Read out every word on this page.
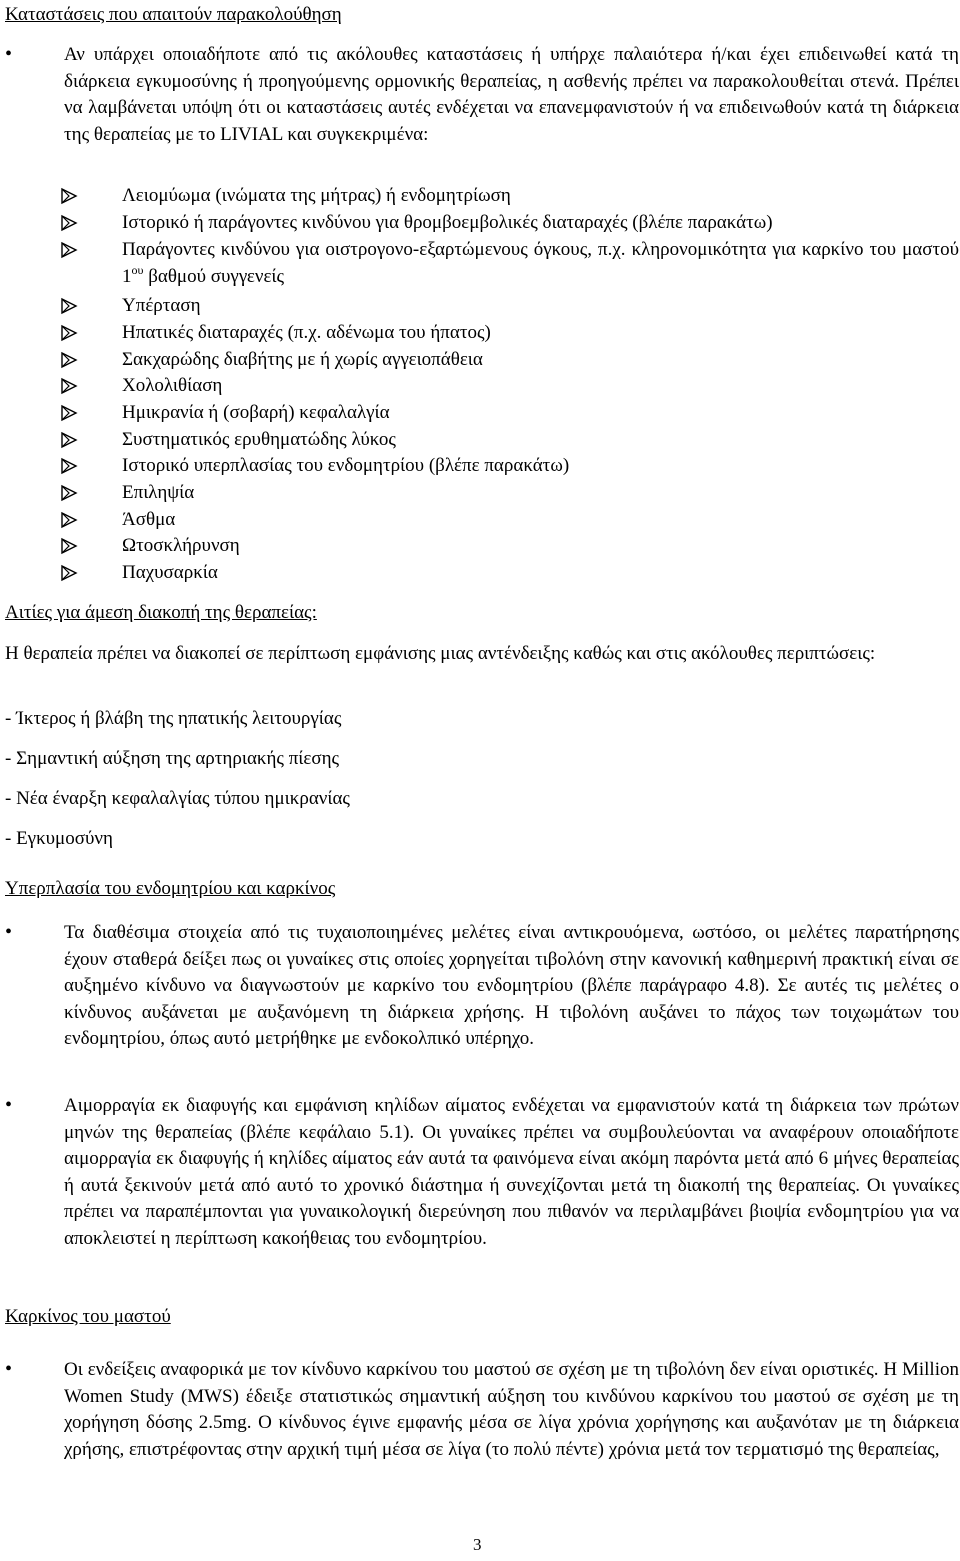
Καταστάσεις που απαιτούν παρακολούθηση
•	Αν υπάρχει οποιαδήποτε από τις ακόλουθες καταστάσεις ή υπήρχε παλαιότερα ή/και έχει επιδεινωθεί κατά τη διάρκεια εγκυμοσύνης ή προηγούμενης ορμονικής θεραπείας, η ασθενής πρέπει να παρακολουθείται στενά. Πρέπει να λαμβάνεται υπόψη ότι οι καταστάσεις αυτές ενδέχεται να επανεμφανιστούν ή να επιδεινωθούν κατά τη διάρκεια της θεραπείας με το LIVIAL και συγκεκριμένα:
Λειομύωμα (ινώματα της μήτρας) ή ενδομητρίωση
Ιστορικό ή παράγοντες κινδύνου για θρομβοεμβολικές διαταραχές (βλέπε παρακάτω)
Παράγοντες κινδύνου για οιστρογονο-εξαρτώμενους όγκους, π.χ. κληρονομικότητα για καρκίνο του μαστού $1^{o\upsilon}$ βαθμού συγγενείς
Υπέρταση
Ηπατικές διαταραχές (π.χ. αδένωμα του ήπατος)
Σακχαρώδης διαβήτης με ή χωρίς αγγειοπάθεια
Χολολιθίαση
Ημικρανία ή (σοβαρή) κεφαλαλγία
Συστηματικός ερυθηματώδης λύκος
Ιστορικό υπερπλασίας του ενδομητρίου (βλέπε παρακάτω)
Επιληψία
Άσθμα
Ωτοσκλήρυνση
Παχυσαρκία
Αιτίες για άμεση διακοπή της θεραπείας:
Η θεραπεία πρέπει να διακοπεί σε περίπτωση εμφάνισης μιας αντένδειξης καθώς και στις ακόλουθες περιπτώσεις:
- Ίκτερος ή βλάβη της ηπατικής λειτουργίας
- Σημαντική αύξηση της αρτηριακής πίεσης
- Νέα έναρξη κεφαλαλγίας τύπου ημικρανίας
- Εγκυμοσύνη
Υπερπλασία του ενδομητρίου και καρκίνος
•	Τα διαθέσιμα στοιχεία από τις τυχαιοποιημένες μελέτες είναι αντικρουόμενα, ωστόσο, οι μελέτες παρατήρησης έχουν σταθερά δείξει πως οι γυναίκες στις οποίες χορηγείται τιβολόνη στην κανονική καθημερινή πρακτική είναι σε αυξημένο κίνδυνο να διαγνωστούν με καρκίνο του ενδομητρίου (βλέπε παράγραφο 4.8). Σε αυτές τις μελέτες ο κίνδυνος αυξάνεται με αυξανόμενη τη διάρκεια χρήσης. Η τιβολόνη αυξάνει το πάχος των τοιχωμάτων του ενδομητρίου, όπως αυτό μετρήθηκε με ενδοκολπικό υπέρηχο.
•	Αιμορραγία εκ διαφυγής και εμφάνιση κηλίδων αίματος ενδέχεται να εμφανιστούν κατά τη διάρκεια των πρώτων μηνών της θεραπείας (βλέπε κεφάλαιο 5.1). Οι γυναίκες πρέπει να συμβουλεύονται να αναφέρουν οποιαδήποτε αιμορραγία εκ διαφυγής ή κηλίδες αίματος εάν αυτά τα φαινόμενα είναι ακόμη παρόντα μετά από 6 μήνες θεραπείας ή αυτά ξεκινούν μετά από αυτό το χρονικό διάστημα ή συνεχίζονται μετά τη διακοπή της θεραπείας. Οι γυναίκες πρέπει να παραπέμπονται για γυναικολογική διερεύνηση που πιθανόν να περιλαμβάνει βιοψία ενδομητρίου για να αποκλειστεί η περίπτωση κακοήθειας του ενδομητρίου.
Καρκίνος του μαστού
•	Οι ενδείξεις αναφορικά με τον κίνδυνο καρκίνου του μαστού σε σχέση με τη τιβολόνη δεν είναι οριστικές. Η Million Women Study (MWS) έδειξε στατιστικώς σημαντική αύξηση του κινδύνου καρκίνου του μαστού σε σχέση με τη χορήγηση δόσης 2.5mg. Ο κίνδυνος έγινε εμφανής μέσα σε λίγα χρόνια χορήγησης και αυξανόταν με τη διάρκεια χρήσης, επιστρέφοντας στην αρχική τιμή μέσα σε λίγα (το πολύ πέντε) χρόνια μετά τον τερματισμό της θεραπείας,
3
